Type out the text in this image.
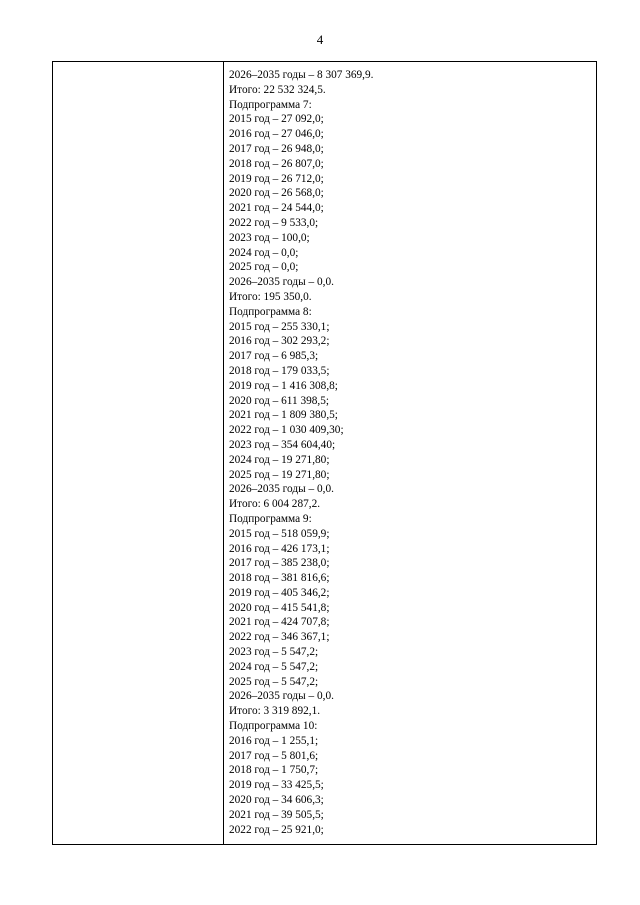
4
2026–2035 годы – 8 307 369,9.
Итого: 22 532 324,5.
Подпрограмма 7:
2015 год – 27 092,0;
2016 год – 27 046,0;
2017 год – 26 948,0;
2018 год – 26 807,0;
2019 год – 26 712,0;
2020 год – 26 568,0;
2021 год – 24 544,0;
2022 год – 9 533,0;
2023 год – 100,0;
2024 год – 0,0;
2025 год – 0,0;
2026–2035 годы – 0,0.
Итого: 195 350,0.
Подпрограмма 8:
2015 год – 255 330,1;
2016 год – 302 293,2;
2017 год – 6 985,3;
2018 год – 179 033,5;
2019 год – 1 416 308,8;
2020 год – 611 398,5;
2021 год – 1 809 380,5;
2022 год – 1 030 409,30;
2023 год – 354 604,40;
2024 год – 19 271,80;
2025 год – 19 271,80;
2026–2035 годы – 0,0.
Итого: 6 004 287,2.
Подпрограмма 9:
2015 год – 518 059,9;
2016 год – 426 173,1;
2017 год – 385 238,0;
2018 год – 381 816,6;
2019 год – 405 346,2;
2020 год – 415 541,8;
2021 год – 424 707,8;
2022 год – 346 367,1;
2023 год – 5 547,2;
2024 год – 5 547,2;
2025 год – 5 547,2;
2026–2035 годы – 0,0.
Итого: 3 319 892,1.
Подпрограмма 10:
2016 год – 1 255,1;
2017 год – 5 801,6;
2018 год – 1 750,7;
2019 год – 33 425,5;
2020 год – 34 606,3;
2021 год – 39 505,5;
2022 год – 25 921,0;
